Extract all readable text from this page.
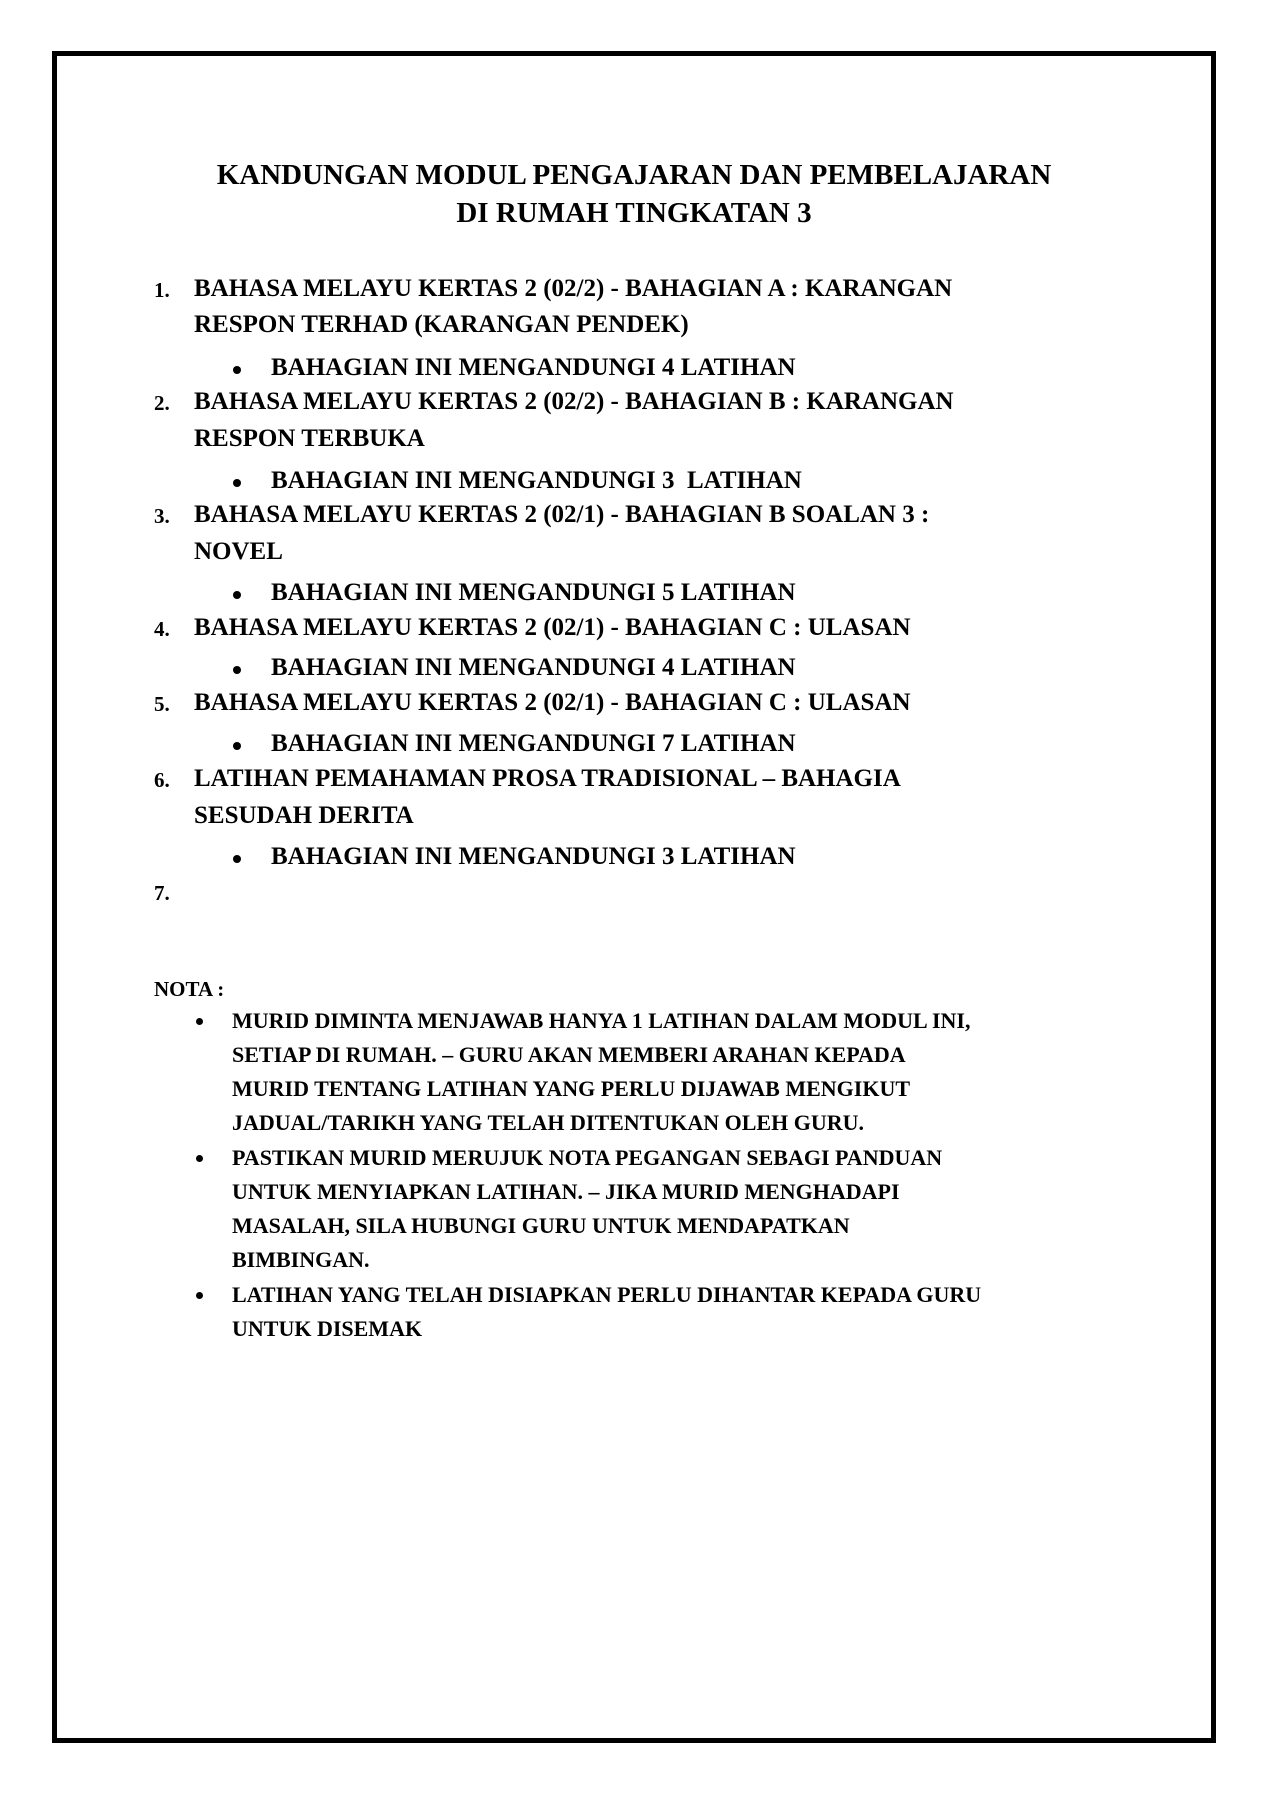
KANDUNGAN MODUL PENGAJARAN DAN PEMBELAJARAN
DI RUMAH TINGKATAN 3
1. BAHASA MELAYU KERTAS 2 (02/2) - BAHAGIAN A : KARANGAN
RESPON TERHAD (KARANGAN PENDEK)
BAHAGIAN INI MENGANDUNGI 4 LATIHAN
2. BAHASA MELAYU KERTAS 2 (02/2) - BAHAGIAN B : KARANGAN
RESPON TERBUKA
BAHAGIAN INI MENGANDUNGI 3  LATIHAN
3. BAHASA MELAYU KERTAS 2 (02/1) - BAHAGIAN B SOALAN 3 :
NOVEL
BAHAGIAN INI MENGANDUNGI 5 LATIHAN
4. BAHASA MELAYU KERTAS 2 (02/1) - BAHAGIAN C : ULASAN
BAHAGIAN INI MENGANDUNGI 4 LATIHAN
5. BAHASA MELAYU KERTAS 2 (02/1) - BAHAGIAN C : ULASAN
BAHAGIAN INI MENGANDUNGI 7 LATIHAN
6. LATIHAN PEMAHAMAN PROSA TRADISIONAL – BAHAGIA
SESUDAH DERITA
BAHAGIAN INI MENGANDUNGI 3 LATIHAN
7.
NOTA :
MURID DIMINTA MENJAWAB HANYA 1 LATIHAN DALAM MODUL INI,
SETIAP DI RUMAH. – GURU AKAN MEMBERI ARAHAN KEPADA
MURID TENTANG LATIHAN YANG PERLU DIJAWAB MENGIKUT
JADUAL/TARIKH YANG TELAH DITENTUKAN OLEH GURU.
PASTIKAN MURID MERUJUK NOTA PEGANGAN SEBAGI PANDUAN
UNTUK MENYIAPKAN LATIHAN. – JIKA MURID MENGHADAPI
MASALAH, SILA HUBUNGI GURU UNTUK MENDAPATKAN
BIMBINGAN.
LATIHAN YANG TELAH DISIAPKAN PERLU DIHANTAR KEPADA GURU
UNTUK DISEMAK
